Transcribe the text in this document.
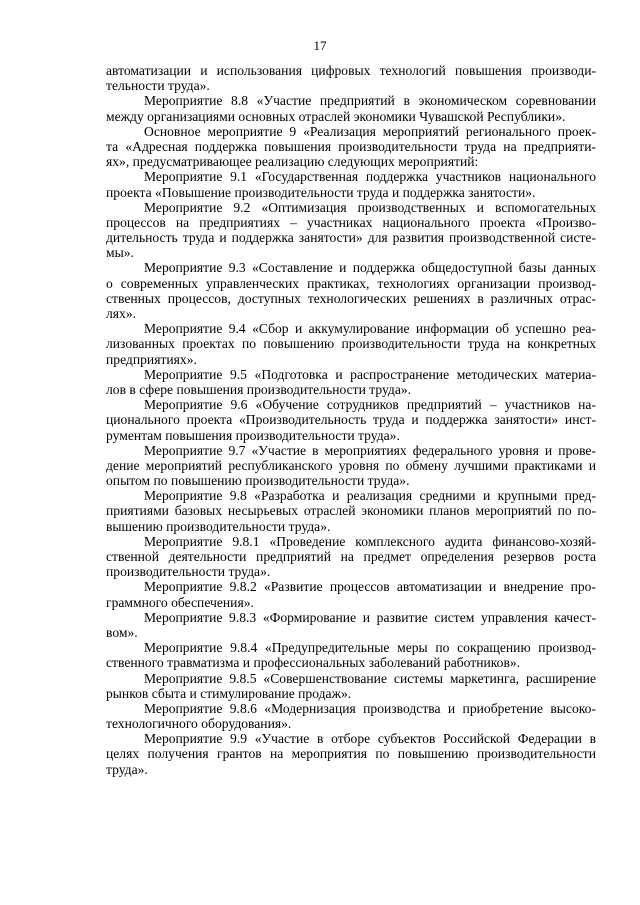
17
автоматизации и использования цифровых технологий повышения производи-
тельности труда».
Мероприятие 8.8 «Участие предприятий в экономическом соревновании
между организациями основных отраслей экономики Чувашской Республики».
Основное мероприятие 9 «Реализация мероприятий регионального проек-
та «Адресная поддержка повышения производительности труда на предприяти-
ях», предусматривающее реализацию следующих мероприятий:
Мероприятие 9.1 «Государственная поддержка участников национального
проекта «Повышение производительности труда и поддержка занятости».
Мероприятие 9.2 «Оптимизация производственных и вспомогательных
процессов на предприятиях – участниках национального проекта «Произво-
дительность труда и поддержка занятости» для развития производственной систе-
мы».
Мероприятие 9.3 «Составление и поддержка общедоступной базы данных
о современных управленческих практиках, технологиях организации производ-
ственных процессов, доступных технологических решениях в различных отрас-
лях».
Мероприятие 9.4 «Сбор и аккумулирование информации об успешно реа-
лизованных проектах по повышению производительности труда на конкретных
предприятиях».
Мероприятие 9.5 «Подготовка и распространение методических материа-
лов в сфере повышения производительности труда».
Мероприятие 9.6 «Обучение сотрудников предприятий – участников на-
ционального проекта «Производительность труда и поддержка занятости» инст-
рументам повышения производительности труда».
Мероприятие 9.7 «Участие в мероприятиях федерального уровня и прове-
дение мероприятий республиканского уровня по обмену лучшими практиками и
опытом по повышению производительности труда».
Мероприятие 9.8 «Разработка и реализация средними и крупными пред-
приятиями базовых несырьевых отраслей экономики планов мероприятий по по-
вышению производительности труда».
Мероприятие 9.8.1 «Проведение комплексного аудита финансово-хозяй-
ственной деятельности предприятий на предмет определения резервов роста
производительности труда».
Мероприятие 9.8.2 «Развитие процессов автоматизации и внедрение про-
граммного обеспечения».
Мероприятие 9.8.3 «Формирование и развитие систем управления качест-
вом».
Мероприятие 9.8.4 «Предупредительные меры по сокращению производ-
ственного травматизма и профессиональных заболеваний работников».
Мероприятие 9.8.5 «Совершенствование системы маркетинга, расширение
рынков сбыта и стимулирование продаж».
Мероприятие 9.8.6 «Модернизация производства и приобретение высоко-
технологичного оборудования».
Мероприятие 9.9 «Участие в отборе субъектов Российской Федерации в
целях получения грантов на мероприятия по повышению производительности
труда».
